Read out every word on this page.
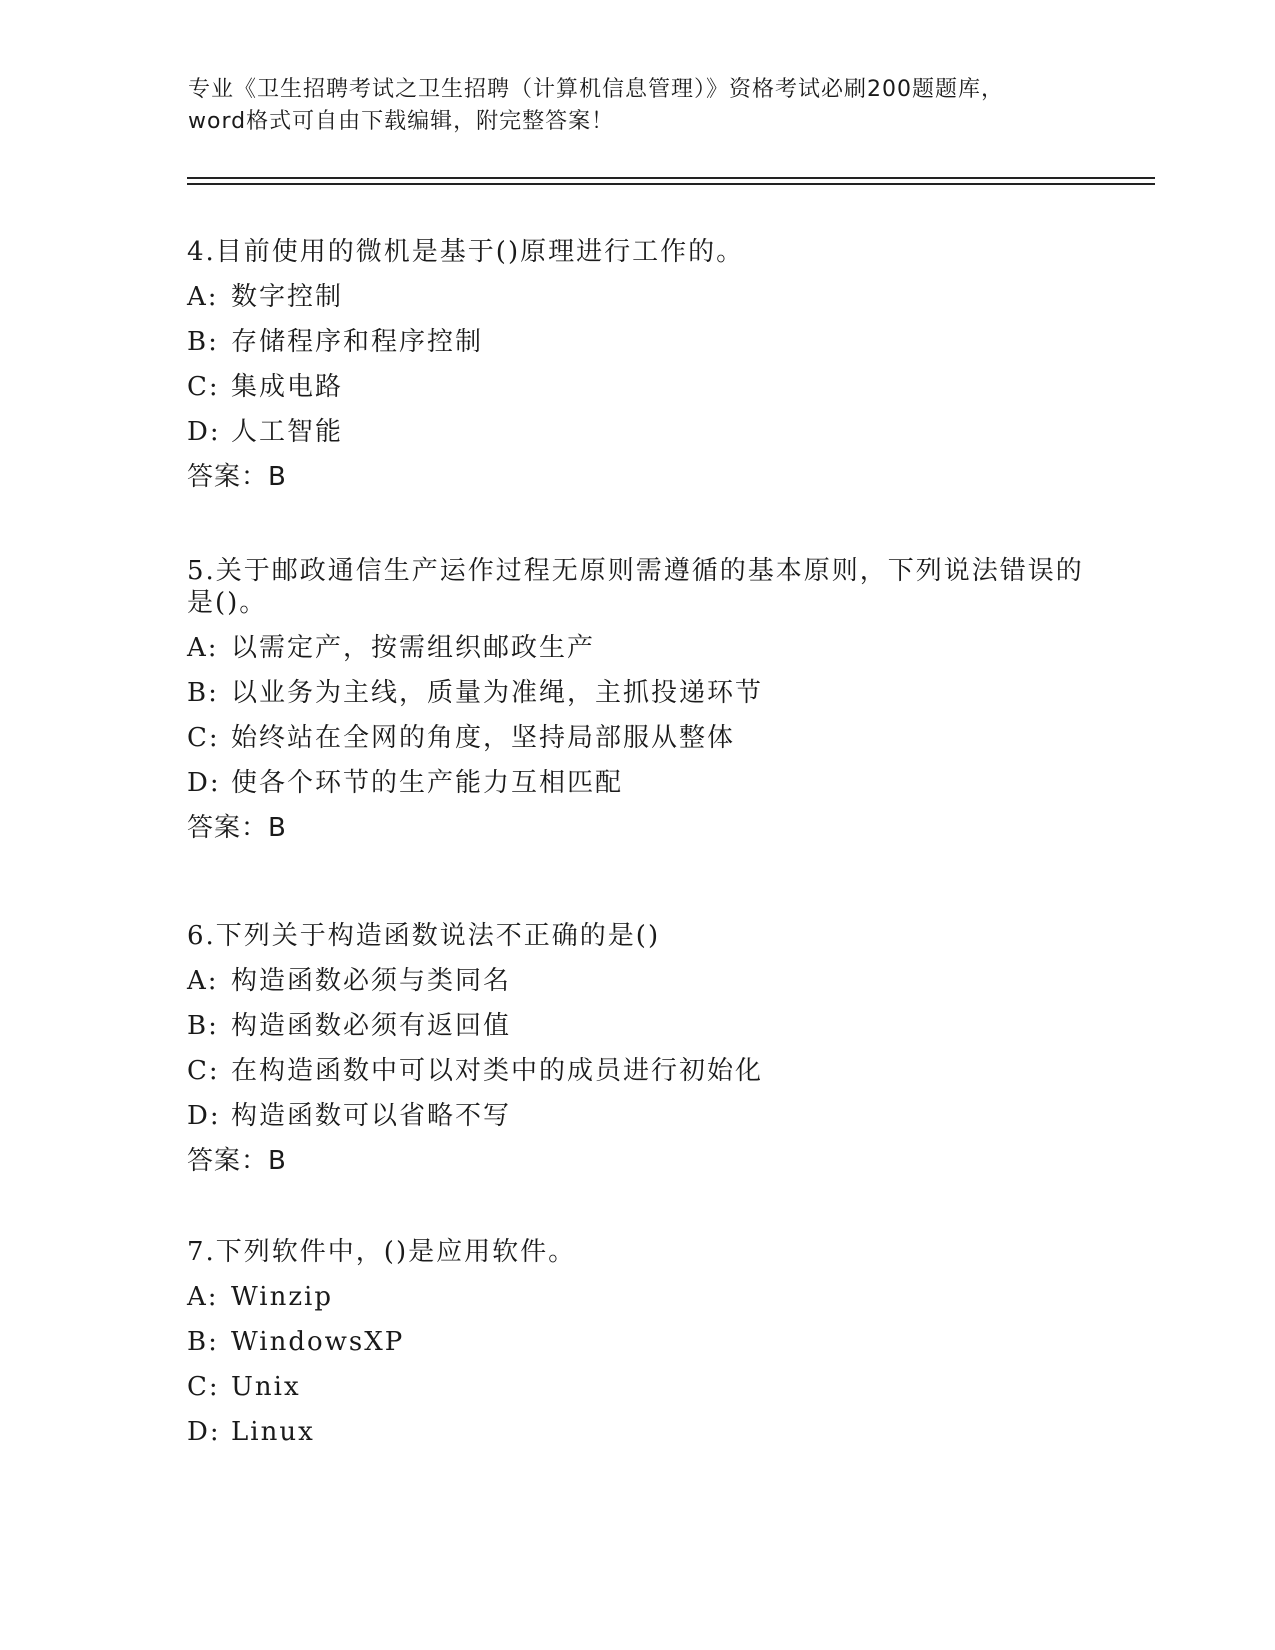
专业《卫生招聘考试之卫生招聘（计算机信息管理）》资格考试必刷200题题库，
word格式可自由下载编辑，附完整答案！
4.目前使用的微机是基于()原理进行工作的。
A: 数字控制
B: 存储程序和程序控制
C: 集成电路
D: 人工智能
答案：B
5.关于邮政通信生产运作过程无原则需遵循的基本原则，下列说法错误的是()。
A: 以需定产，按需组织邮政生产
B: 以业务为主线，质量为准绳，主抓投递环节
C: 始终站在全网的角度，坚持局部服从整体
D: 使各个环节的生产能力互相匹配
答案：B
6.下列关于构造函数说法不正确的是()
A: 构造函数必须与类同名
B: 构造函数必须有返回值
C: 在构造函数中可以对类中的成员进行初始化
D: 构造函数可以省略不写
答案：B
7.下列软件中，()是应用软件。
A: Winzip
B: WindowsXP
C: Unix
D: Linux
